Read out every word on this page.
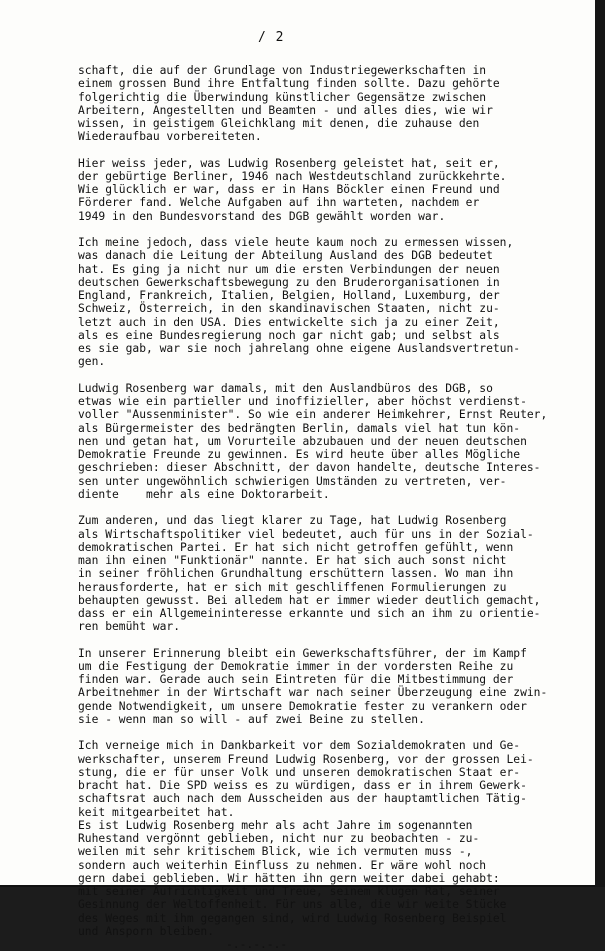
/ 2
schaft, die auf der Grundlage von Industriegewerkschaften in
einem grossen Bund ihre Entfaltung finden sollte. Dazu gehörte
folgerichtig die Überwindung künstlicher Gegensätze zwischen
Arbeitern, Angestellten und Beamten - und alles dies, wie wir
wissen, in geistigem Gleichklang mit denen, die zuhause den
Wiederaufbau vorbereiteten.
Hier weiss jeder, was Ludwig Rosenberg geleistet hat, seit er,
der gebürtige Berliner, 1946 nach Westdeutschland zurückkehrte.
Wie glücklich er war, dass er in Hans Böckler einen Freund und
Förderer fand. Welche Aufgaben auf ihn warteten, nachdem er
1949 in den Bundesvorstand des DGB gewählt worden war.
Ich meine jedoch, dass viele heute kaum noch zu ermessen wissen,
was danach die Leitung der Abteilung Ausland des DGB bedeutet
hat. Es ging ja nicht nur um die ersten Verbindungen der neuen
deutschen Gewerkschaftsbewegung zu den Bruderorganisationen in
England, Frankreich, Italien, Belgien, Holland, Luxemburg, der
Schweiz, Österreich, in den skandinavischen Staaten, nicht zu-
letzt auch in den USA. Dies entwickelte sich ja zu einer Zeit,
als es eine Bundesregierung noch gar nicht gab; und selbst als
es sie gab, war sie noch jahrelang ohne eigene Auslandsvertretun-
gen.
Ludwig Rosenberg war damals, mit den Auslandbüros des DGB, so
etwas wie ein partieller und inoffizieller, aber höchst verdienst-
voller "Aussenminister". So wie ein anderer Heimkehrer, Ernst Reuter,
als Bürgermeister des bedrängten Berlin, damals viel hat tun kön-
nen und getan hat, um Vorurteile abzubauen und der neuen deutschen
Demokratie Freunde zu gewinnen. Es wird heute über alles Mögliche
geschrieben: dieser Abschnitt, der davon handelte, deutsche Interes-
sen unter ungewöhnlich schwierigen Umständen zu vertreten, ver-
diente    mehr als eine Doktorarbeit.
Zum anderen, und das liegt klarer zu Tage, hat Ludwig Rosenberg
als Wirtschaftspolitiker viel bedeutet, auch für uns in der Sozial-
demokratischen Partei. Er hat sich nicht getroffen gefühlt, wenn
man ihn einen "Funktionär" nannte. Er hat sich auch sonst nicht
in seiner fröhlichen Grundhaltung erschüttern lassen. Wo man ihn
herausforderte, hat er sich mit geschliffenen Formulierungen zu
behaupten gewusst. Bei alledem hat er immer wieder deutlich gemacht,
dass er ein Allgemeininteresse erkannte und sich an ihm zu orientie-
ren bemüht war.
In unserer Erinnerung bleibt ein Gewerkschaftsführer, der im Kampf
um die Festigung der Demokratie immer in der vordersten Reihe zu
finden war. Gerade auch sein Eintreten für die Mitbestimmung der
Arbeitnehmer in der Wirtschaft war nach seiner Überzeugung eine zwin-
gende Notwendigkeit, um unsere Demokratie fester zu verankern oder
sie - wenn man so will - auf zwei Beine zu stellen.
Ich verneige mich in Dankbarkeit vor dem Sozialdemokraten und Ge-
werkschafter, unserem Freund Ludwig Rosenberg, vor der grossen Lei-
stung, die er für unser Volk und unseren demokratischen Staat er-
bracht hat. Die SPD weiss es zu würdigen, dass er in ihrem Gewerk-
schaftsrat auch nach dem Ausscheiden aus der hauptamtlichen Tätig-
keit mitgearbeitet hat.
Es ist Ludwig Rosenberg mehr als acht Jahre im sogenannten
Ruhestand vergönnt geblieben, nicht nur zu beobachten - zu-
weilen mit sehr kritischem Blick, wie ich vermuten muss -,
sondern auch weiterhin Einfluss zu nehmen. Er wäre wohl noch
gern dabei geblieben. Wir hätten ihn gern weiter dabei gehabt:
mit seiner Aufrichtigkeit und Treue, seinem klugen Rat, seiner
Gesinnung der Weltoffenheit. Für uns alle, die wir weite Stücke
des Weges mit ihm gegangen sind, wird Ludwig Rosenberg Beispiel
und Ansporn bleiben.
-.-.-.-.-
